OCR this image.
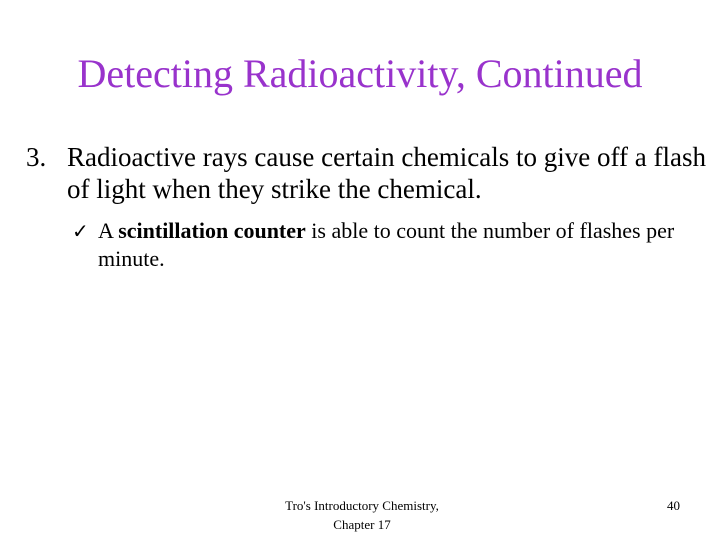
Detecting Radioactivity, Continued
3. Radioactive rays cause certain chemicals to give off a flash of light when they strike the chemical.
✓ A scintillation counter is able to count the number of flashes per minute.
Tro's Introductory Chemistry,
Chapter 17
40
